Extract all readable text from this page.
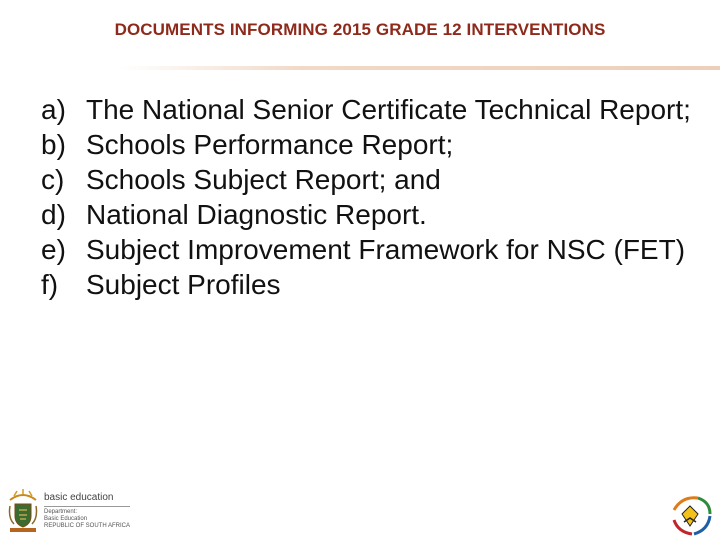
DOCUMENTS INFORMING 2015 GRADE 12 INTERVENTIONS
a) The National Senior Certificate Technical Report;
b) Schools Performance Report;
c) Schools Subject Report; and
d) National Diagnostic Report.
e) Subject Improvement Framework for NSC (FET)
f) Subject Profiles
basic education
Department:
Basic Education
REPUBLIC OF SOUTH AFRICA
